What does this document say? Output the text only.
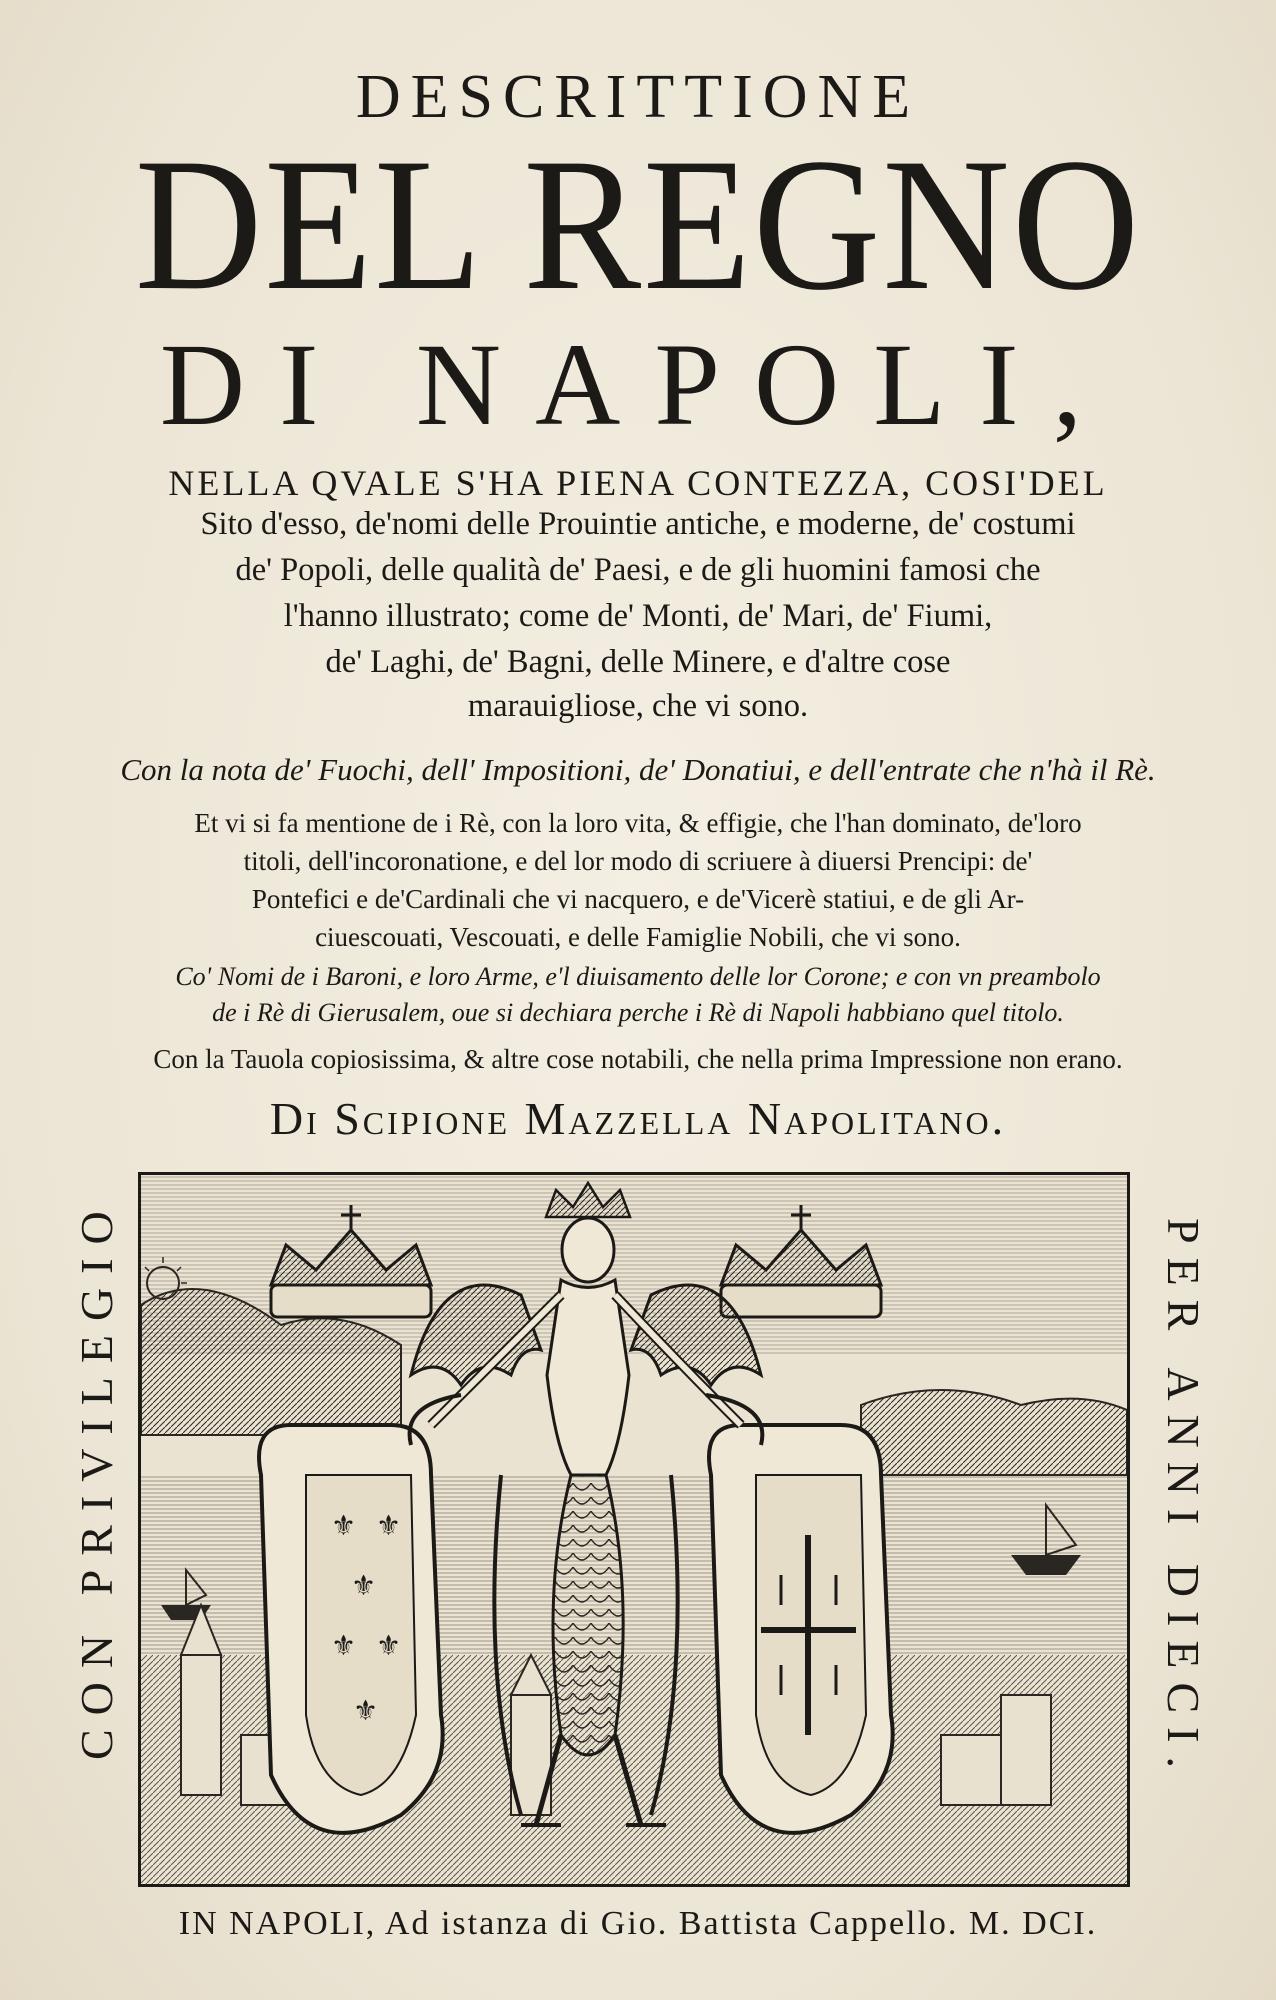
DESCRITTIONE
DEL REGNO
DI NAPOLI,
NELLA QVALE S'HA PIENA CONTEZZA, COSI'DEL
Sito d'esso, de'nomi delle Prouintie antiche, e moderne, de' costumi
de' Popoli, delle qualità de' Paesi, e de gli huomini famosi che
l'hanno illustrato; come de' Monti, de' Mari, de' Fiumi,
de' Laghi, de' Bagni, delle Minere, e d'altre cose
marauigliose, che vi sono.
Con la nota de' Fuochi, dell' Impositioni, de' Donatiui, e dell'entrate che n'hà il Rè.
Et vi si fa mentione de i Rè, con la loro vita, & effigie, che l'han dominato, de'loro
titoli, dell'incoronatione, e del lor modo di scriuere à diuersi Prencipi: de'
Pontefici e de'Cardinali che vi nacquero, e de'Vicerè statiui, e de gli Ar-
ciuescouati, Vescouati, e delle Famiglie Nobili, che vi sono.
Co' Nomi de i Baroni, e loro Arme, e'l diuisamento delle lor Corone; e con vn preambolo
de i Rè di Gierusalem, oue si dechiara perche i Rè di Napoli habbiano quel titolo.
Con la Tauola copiosissima, & altre cose notabili, che nella prima Impressione non erano.
Di Scipione Mazzella Napolitano.
CON PRIVILEGIO	PER ANNI DIECI.
⚜ ⚜
⚜
⚜ ⚜
⚜
IN NAPOLI, Ad istanza di Gio. Battista Cappello. M. DCI.
